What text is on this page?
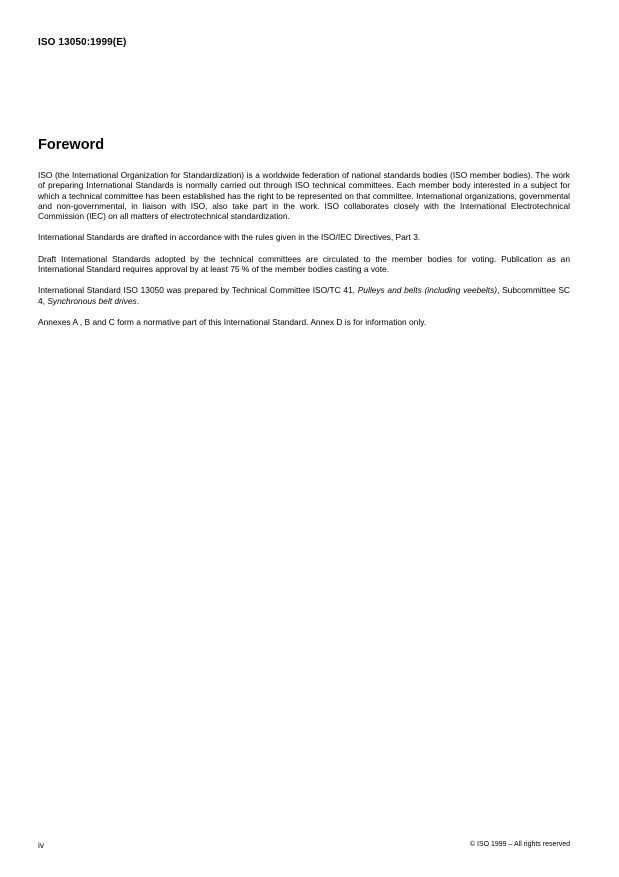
ISO 13050:1999(E)
Foreword

ISO (the International Organization for Standardization) is a worldwide federation of national standards bodies (ISO member bodies). The work of preparing International Standards is normally carried out through ISO technical committees. Each member body interested in a subject for which a technical committee has been established has the right to be represented on that committee. International organizations, governmental and non-governmental, in liaison with ISO, also take part in the work. ISO collaborates closely with the International Electrotechnical Commission (IEC) on all matters of electrotechnical standardization.

International Standards are drafted in accordance with the rules given in the ISO/IEC Directives, Part 3.

Draft International Standards adopted by the technical committees are circulated to the member bodies for voting. Publication as an International Standard requires approval by at least 75 % of the member bodies casting a vote.

International Standard ISO 13050 was prepared by Technical Committee ISO/TC 41, Pulleys and belts (including veebelts), Subcommittee SC 4, Synchronous belt drives.

Annexes A , B and C form a normative part of this International Standard. Annex D is for information only.

iv	© ISO 1999 – All rights reserved
